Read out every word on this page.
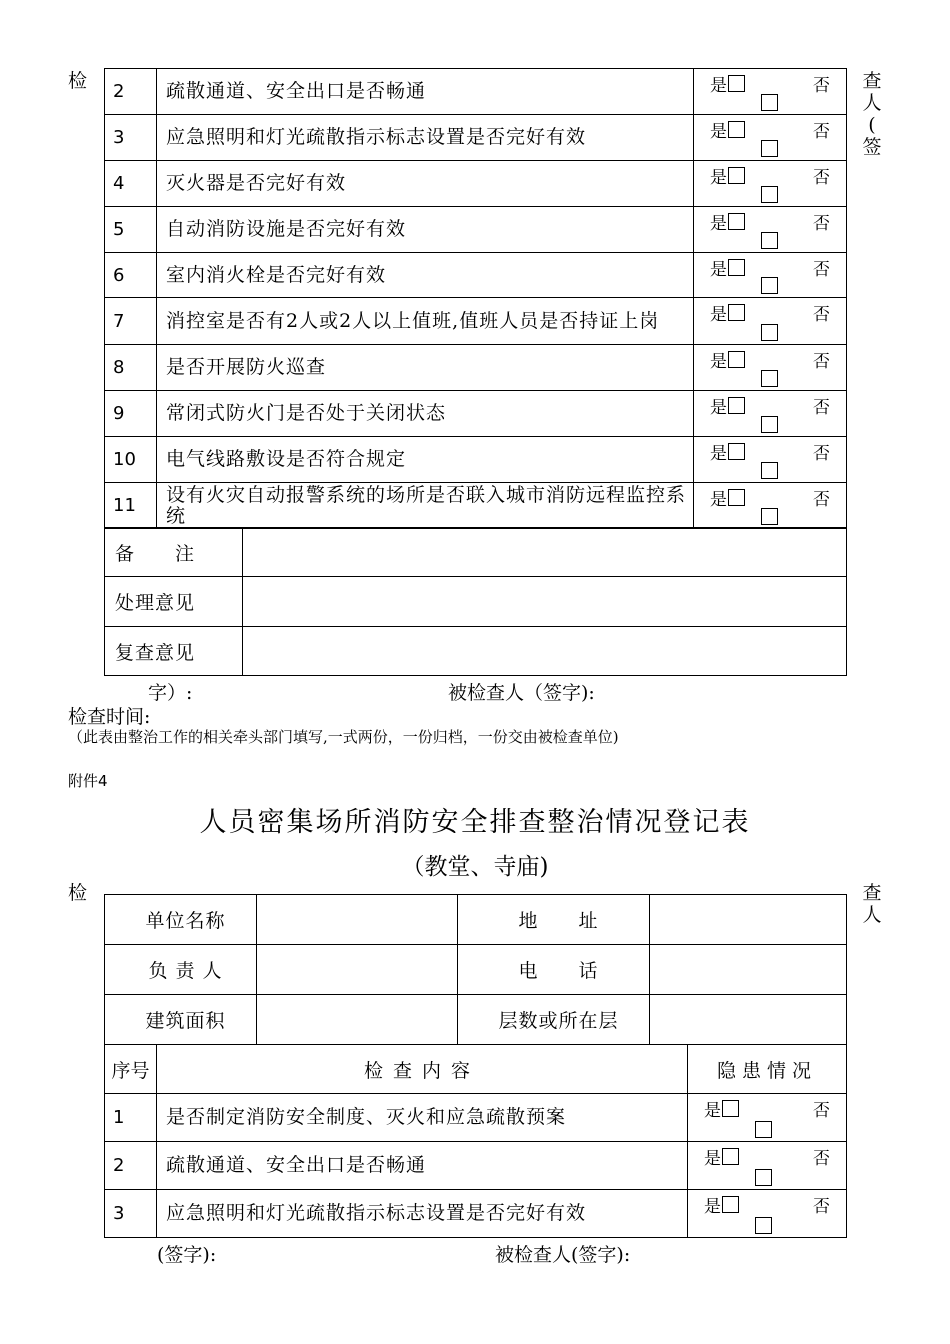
检	查
人
(
签
2	疏散通道、安全出口是否畅通	是 否

3	应急照明和灯光疏散指示标志设置是否完好有效	是 否

4	灭火器是否完好有效	是 否

5	自动消防设施是否完好有效	是 否

6	室内消火栓是否完好有效	是 否

7	消控室是否有2人或2人以上值班,值班人员是否持证上岗	是 否

8	是否开展防火巡查	是 否

9	常闭式防火门是否处于关闭状态	是 否

10	电气线路敷设是否符合规定	是 否

11	设有火灾自动报警系统的场所是否联入城市消防远程监控系统	是 否
备　　注	
处理意见	
复查意见	
字）:	被检查人（签字):
检查时间:
（此表由整治工作的相关牵头部门填写,一式两份，一份归档，一份交由被检查单位)
附件4
人员密集场所消防安全排查整治情况登记表
（教堂、寺庙)
检	查
人
单位名称		地　　址	
负 责 人		电　　话	
建筑面积		层数或所在层	
序号	检查内容	隐患情况
1	是否制定消防安全制度、灭火和应急疏散预案	是 否

2	疏散通道、安全出口是否畅通	是 否

3	应急照明和灯光疏散指示标志设置是否完好有效	是 否
(签字):	被检查人(签字):
